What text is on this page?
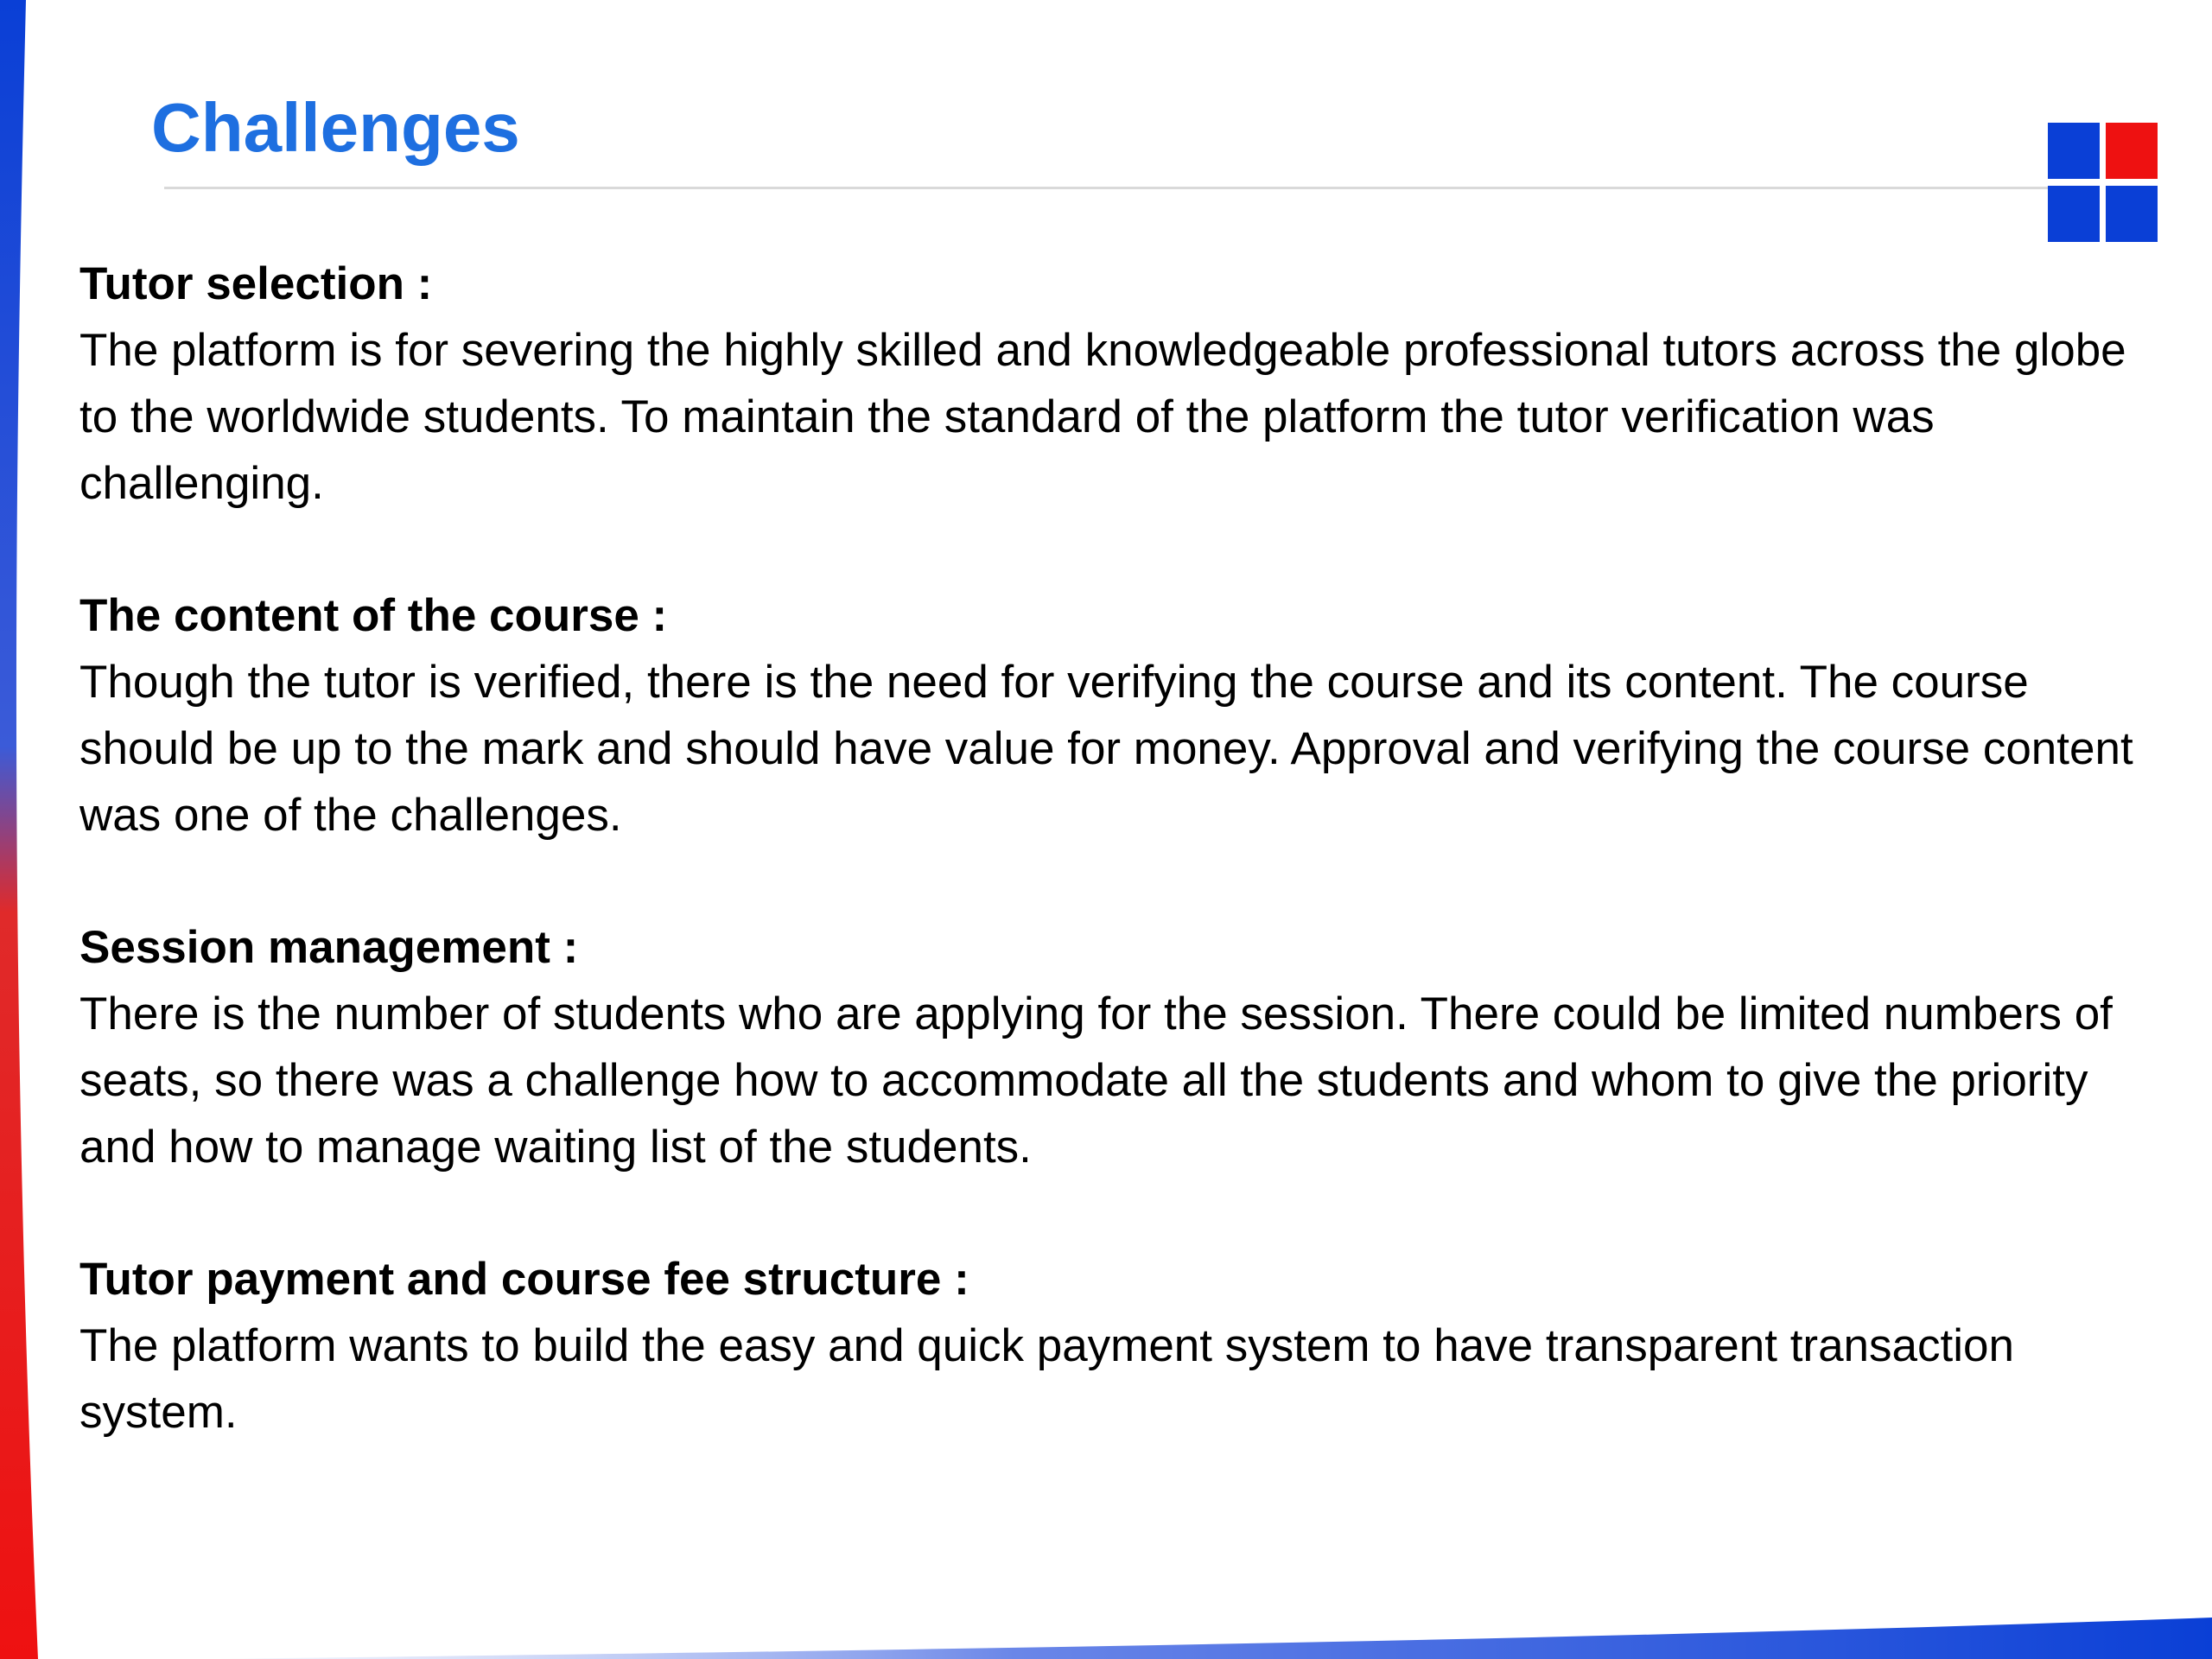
Challenges

Tutor selection :

The platform is for severing the highly skilled and knowledgeable professional tutors across the globe to the worldwide students. To maintain the standard of the platform the tutor verification was challenging.

The content of the course :

Though the tutor is verified, there is the need for verifying the course and its content. The course should be up to the mark and should have value for money. Approval and verifying the course content was one of the challenges.

Session management :

There is the number of students who are applying for the session. There could be limited numbers of seats, so there was a challenge how to accommodate all the students and whom to give the priority and how to manage waiting list of the students.

Tutor payment and course fee structure :

The platform wants to build the easy and quick payment system to have transparent transaction system.
